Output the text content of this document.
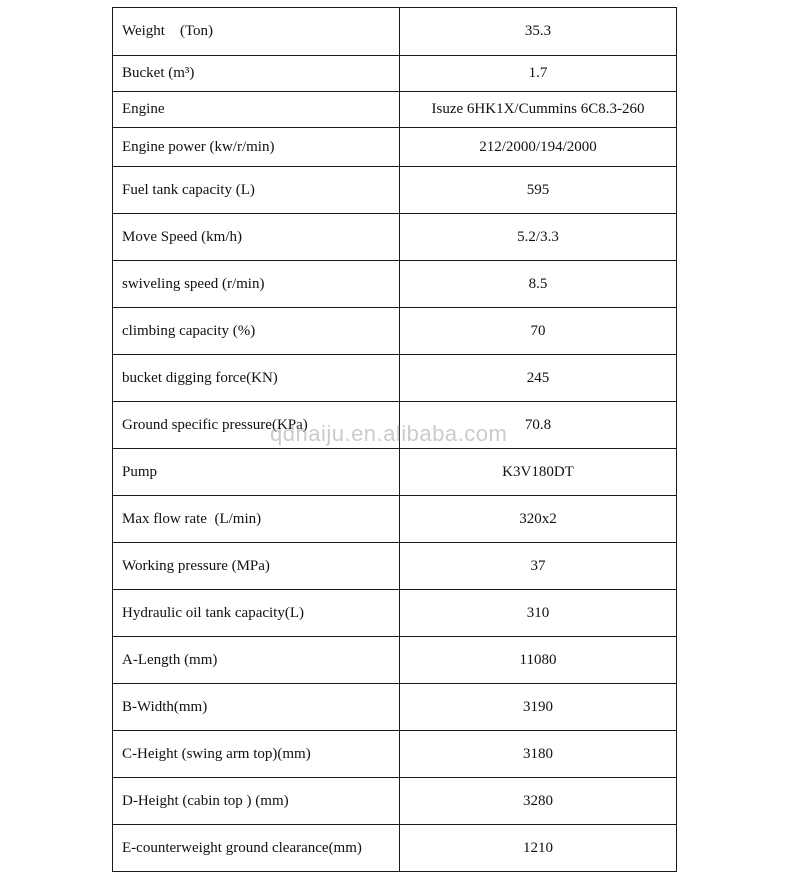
Weight    (Ton)	35.3
Bucket (m³)	1.7
Engine	Isuze 6HK1X/Cummins 6C8.3-260
Engine power (kw/r/min)	212/2000/194/2000
Fuel tank capacity (L)	595
Move Speed (km/h)	5.2/3.3
swiveling speed (r/min)	8.5
climbing capacity (%)	70
bucket digging force(KN)	245
Ground specific pressure(KPa)	70.8
Pump	K3V180DT
Max flow rate  (L/min)	320x2
Working pressure (MPa)	37
Hydraulic oil tank capacity(L)	310
A-Length (mm)	11080
B-Width(mm)	3190
C-Height (swing arm top)(mm)	3180
D-Height (cabin top ) (mm)	3280
E-counterweight ground clearance(mm)	1210
qdhaiju.en.alibaba.com
